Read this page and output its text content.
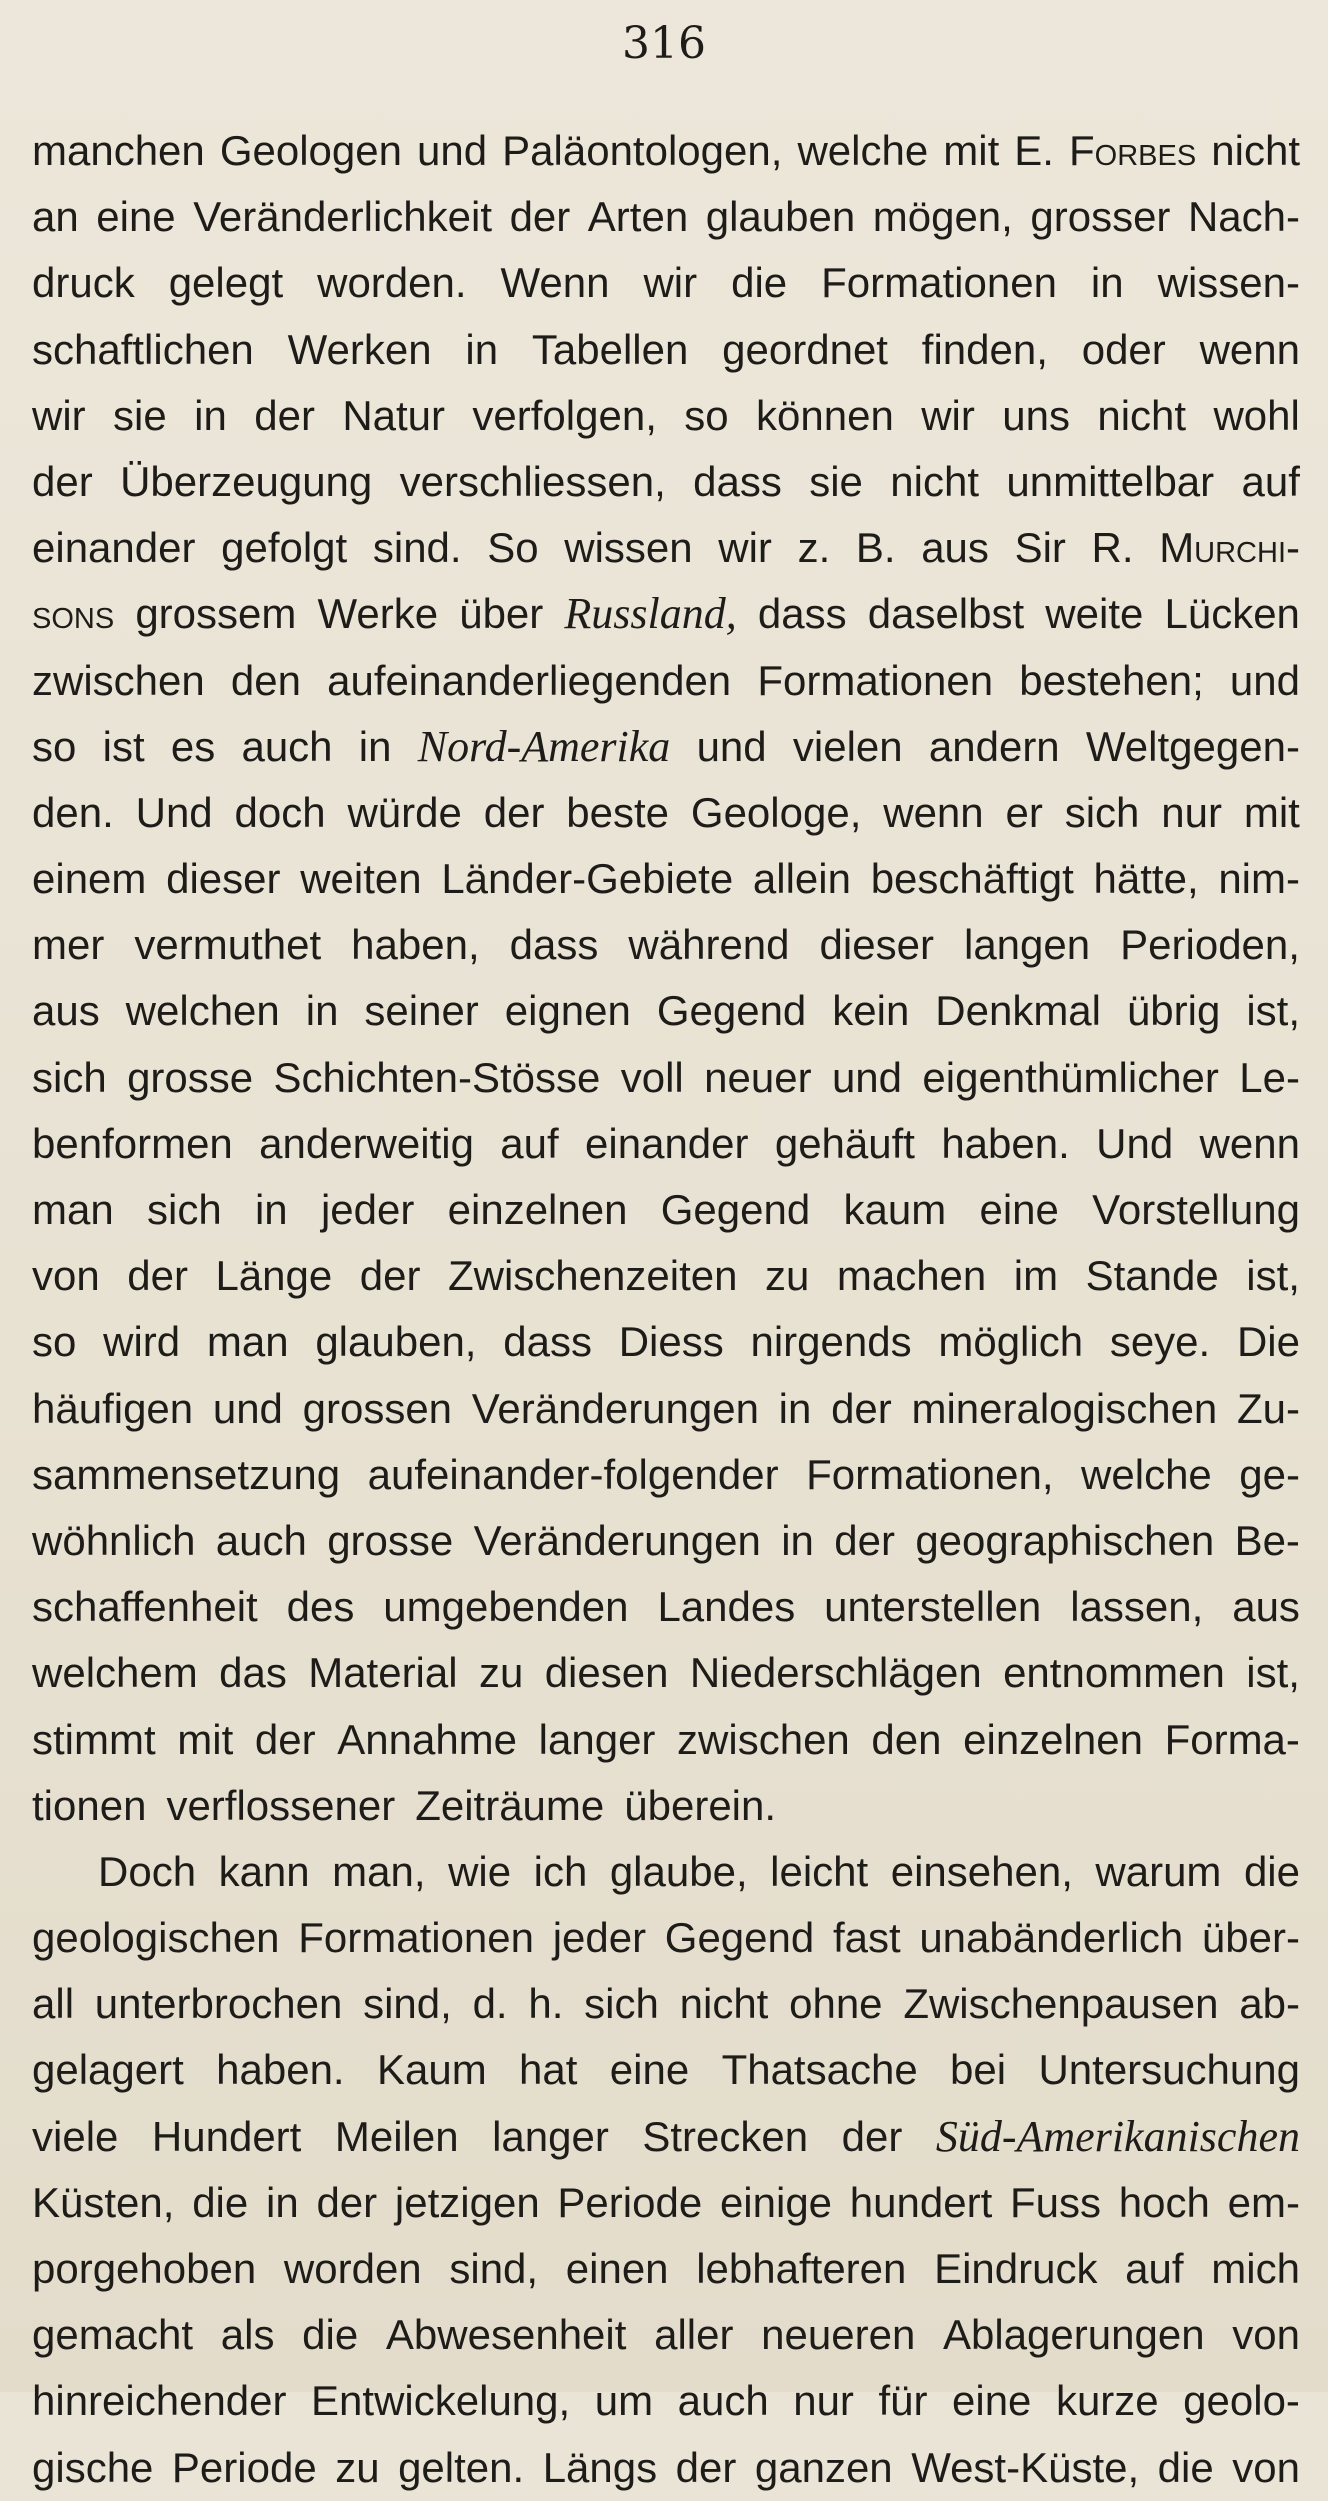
316
manchen Geologen und Paläontologen, welche mit E. Forbes nicht
an eine Veränderlichkeit der Arten glauben mögen, grosser Nach-
druck gelegt worden. Wenn wir die Formationen in wissen-
schaftlichen Werken in Tabellen geordnet finden, oder wenn
wir sie in der Natur verfolgen, so können wir uns nicht wohl
der Überzeugung verschliessen, dass sie nicht unmittelbar auf
einander gefolgt sind. So wissen wir z. B. aus Sir R. Murchi-
sons grossem Werke über Russland, dass daselbst weite Lücken
zwischen den aufeinanderliegenden Formationen bestehen; und
so ist es auch in Nord-Amerika und vielen andern Weltgegen-
den. Und doch würde der beste Geologe, wenn er sich nur mit
einem dieser weiten Länder-Gebiete allein beschäftigt hätte, nim-
mer vermuthet haben, dass während dieser langen Perioden,
aus welchen in seiner eignen Gegend kein Denkmal übrig ist,
sich grosse Schichten-Stösse voll neuer und eigenthümlicher Le-
benformen anderweitig auf einander gehäuft haben. Und wenn
man sich in jeder einzelnen Gegend kaum eine Vorstellung
von der Länge der Zwischenzeiten zu machen im Stande ist,
so wird man glauben, dass Diess nirgends möglich seye. Die
häufigen und grossen Veränderungen in der mineralogischen Zu-
sammensetzung aufeinander-folgender Formationen, welche ge-
wöhnlich auch grosse Veränderungen in der geographischen Be-
schaffenheit des umgebenden Landes unterstellen lassen, aus
welchem das Material zu diesen Niederschlägen entnommen ist,
stimmt mit der Annahme langer zwischen den einzelnen Forma-
tionen verflossener Zeiträume überein.
Doch kann man, wie ich glaube, leicht einsehen, warum die
geologischen Formationen jeder Gegend fast unabänderlich über-
all unterbrochen sind, d. h. sich nicht ohne Zwischenpausen ab-
gelagert haben. Kaum hat eine Thatsache bei Untersuchung
viele Hundert Meilen langer Strecken der Süd-Amerikanischen
Küsten, die in der jetzigen Periode einige hundert Fuss hoch em-
porgehoben worden sind, einen lebhafteren Eindruck auf mich
gemacht als die Abwesenheit aller neueren Ablagerungen von
hinreichender Entwickelung, um auch nur für eine kurze geolo-
gische Periode zu gelten. Längs der ganzen West-Küste, die von
